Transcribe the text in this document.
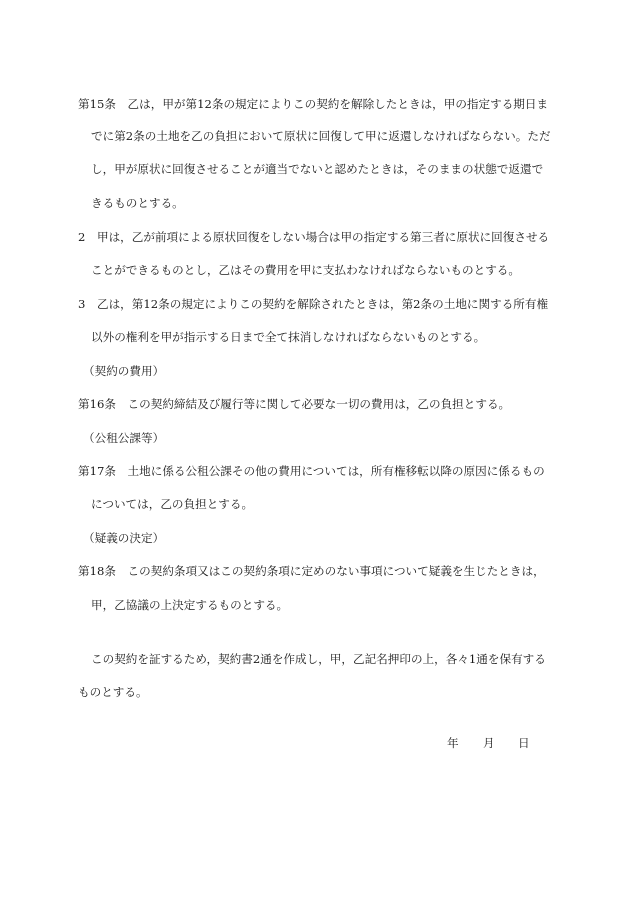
第15条　乙は，甲が第12条の規定によりこの契約を解除したときは，甲の指定する期日ま
でに第2条の土地を乙の負担において原状に回復して甲に返還しなければならない。ただ
し，甲が原状に回復させることが適当でないと認めたときは，そのままの状態で返還で
きるものとする。
2　甲は，乙が前項による原状回復をしない場合は甲の指定する第三者に原状に回復させる
ことができるものとし，乙はその費用を甲に支払わなければならないものとする。
3　乙は，第12条の規定によりこの契約を解除されたときは，第2条の土地に関する所有権
以外の権利を甲が指示する日まで全て抹消しなければならないものとする。
（契約の費用）
第16条　この契約締結及び履行等に関して必要な一切の費用は，乙の負担とする。
（公租公課等）
第17条　土地に係る公租公課その他の費用については，所有権移転以降の原因に係るもの
については，乙の負担とする。
（疑義の決定）
第18条　この契約条項又はこの契約条項に定めのない事項について疑義を生じたときは，
甲，乙協議の上決定するものとする。
この契約を証するため，契約書2通を作成し，甲，乙記名押印の上，各々1通を保有する
ものとする。
年 月 日
